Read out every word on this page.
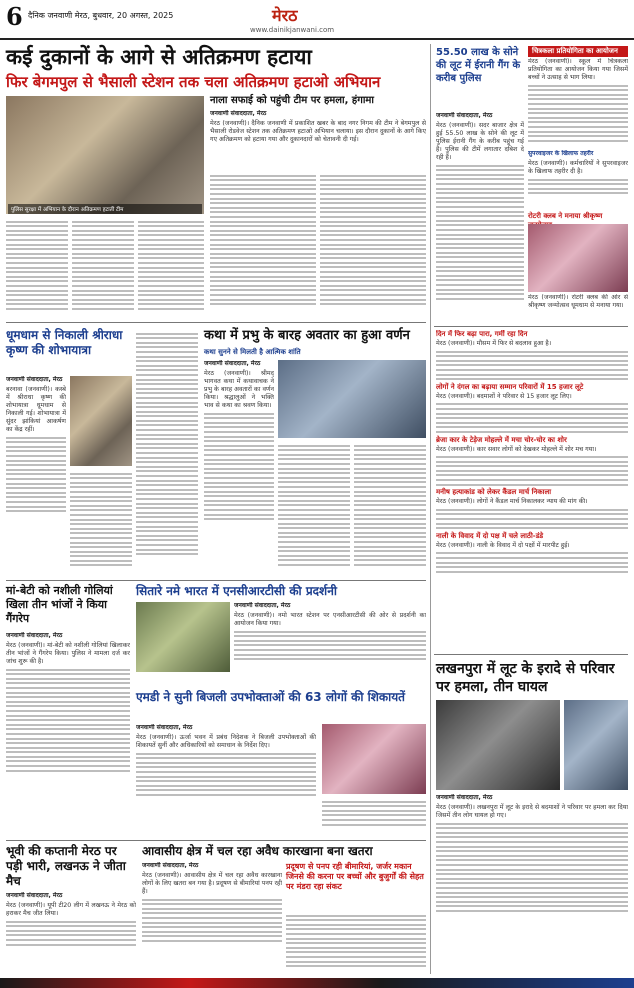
6 दैनिक जनवाणी मेरठ, बुधवार, 20 अगस्त, 2025	मेरठ
www.dainikjanwani.com
कई दुकानों के आगे से अतिक्रमण हटाया
फिर बेगमपुल से भैसाली स्टेशन तक चला अतिक्रमण हटाओ अभियान
पुलिस सुरक्षा में अभियान के दौरान अतिक्रमण हटाती टीम
नाला सफाई को पहुंची टीम पर हमला, हंगामा
जनवाणी संवाददाता, मेरठ

मेरठ (जनवाणी)। दैनिक जनवाणी में प्रकाशित खबर के बाद नगर निगम की टीम ने बेगमपुल से भैसाली रोडवेज स्टेशन तक अतिक्रमण हटाओ अभियान चलाया। इस दौरान दुकानों के आगे किए गए अतिक्रमण को हटाया गया और दुकानदारों को चेतावनी दी गई।

55.50 लाख के सोने की लूट में ईरानी गैंग के करीब पुलिस
जनवाणी संवाददाता, मेरठ

मेरठ (जनवाणी)। सदर बाजार क्षेत्र में हुई 55.50 लाख के सोने की लूट में पुलिस ईरानी गैंग के करीब पहुंच गई है। पुलिस की टीमें लगातार दबिश दे रही हैं।

चित्रकला प्रतियोगिता का आयोजन

मेरठ (जनवाणी)। स्कूल में चित्रकला प्रतियोगिता का आयोजन किया गया जिसमें बच्चों ने उत्साह से भाग लिया।

सुपरवाइजर के खिलाफ तहरीर

मेरठ (जनवाणी)। कर्मचारियों ने सुपरवाइजर के खिलाफ तहरीर दी है।

रोटरी क्लब ने मनाया श्रीकृष्ण

मेरठ (जनवाणी)। रोटरी क्लब की ओर से श्रीकृष्ण जन्मोत्सव धूमधाम से मनाया गया।

दिन में फिर बढ़ा पारा, गर्मी रहा दिन

मेरठ (जनवाणी)। मौसम में फिर से बदलाव हुआ है।

लोगों ने दंगल का बढ़ाया सम्मान परिवारों में 15 हजार लूटे

मेरठ (जनवाणी)। बदमाशों ने परिवार से 15 हजार लूट लिए।

ब्रेजा कार के टेड़ेज मोहल्ले में मचा चोर-चोर का शोर

मेरठ (जनवाणी)। कार सवार लोगों को देखकर मोहल्ले में शोर मच गया।

मनीष हत्याकांड को लेकर कैंडल मार्च निकाला

मेरठ (जनवाणी)। लोगों ने कैंडल मार्च निकालकर न्याय की मांग की।

नाली के विवाद में दो पक्ष में चले लाठी-डंडे

मेरठ (जनवाणी)। नाली के विवाद में दो पक्षों में मारपीट हुई।

लखनपुरा में लूट के इरादे से परिवार पर हमला, तीन घायल
जनवाणी संवाददाता, मेरठ

मेरठ (जनवाणी)। लखनपुरा में लूट के इरादे से बदमाशों ने परिवार पर हमला कर दिया जिसमें तीन लोग घायल हो गए।

धूमधाम से निकाली श्रीराधा कृष्ण की शोभायात्रा
जनवाणी संवाददाता, मेरठ

बरनावा (जनवाणी)। कस्बे में श्रीराधा कृष्ण की शोभायात्रा धूमधाम से निकाली गई। शोभायात्रा में सुंदर झांकियां आकर्षण का केंद्र रहीं।

कथा में प्रभु के बारह अवतार का हुआ वर्णन
कथा सुनने से मिलती है आत्मिक शांति
जनवाणी संवाददाता, मेरठ

मेरठ (जनवाणी)। श्रीमद् भागवत कथा में कथावाचक ने प्रभु के बारह अवतारों का वर्णन किया। श्रद्धालुओं ने भक्ति भाव से कथा का श्रवण किया।

मां-बेटी को नशीली गोलियां खिला तीन भांजों ने किया गैंगरेप
जनवाणी संवाददाता, मेरठ

मेरठ (जनवाणी)। मां-बेटी को नशीली गोलियां खिलाकर तीन भांजों ने गैंगरेप किया। पुलिस ने मामला दर्ज कर जांच शुरू की है।

सितारे नमे भारत में एनसीआरटीसी की प्रदर्शनी
जनवाणी संवाददाता, मेरठ

मेरठ (जनवाणी)। नमो भारत स्टेशन पर एनसीआरटीसी की ओर से प्रदर्शनी का आयोजन किया गया।

एमडी ने सुनी बिजली उपभोक्ताओं की 63 लोगों की शिकायतें
जनवाणी संवाददाता, मेरठ

मेरठ (जनवाणी)। ऊर्जा भवन में प्रबंध निदेशक ने बिजली उपभोक्ताओं की शिकायतें सुनीं और अधिकारियों को समाधान के निर्देश दिए।

भूवी की कप्तानी मेरठ पर पड़ी भारी, लखनऊ ने जीता मैच
जनवाणी संवाददाता, मेरठ

मेरठ (जनवाणी)। यूपी टी20 लीग में लखनऊ ने मेरठ को हराकर मैच जीत लिया।

आवासीय क्षेत्र में चल रहा अवैध कारखाना बना खतरा
जनवाणी संवाददाता, मेरठ

मेरठ (जनवाणी)। आवासीय क्षेत्र में चल रहा अवैध कारखाना लोगों के लिए खतरा बन गया है। प्रदूषण से बीमारियां पनप रही हैं।

प्रदूषण से पनप रही बीमारियां, जर्जर मकान जिनसे की करना पर बच्चों और बुजुर्गों की सेहत पर मंडरा रहा संकट
